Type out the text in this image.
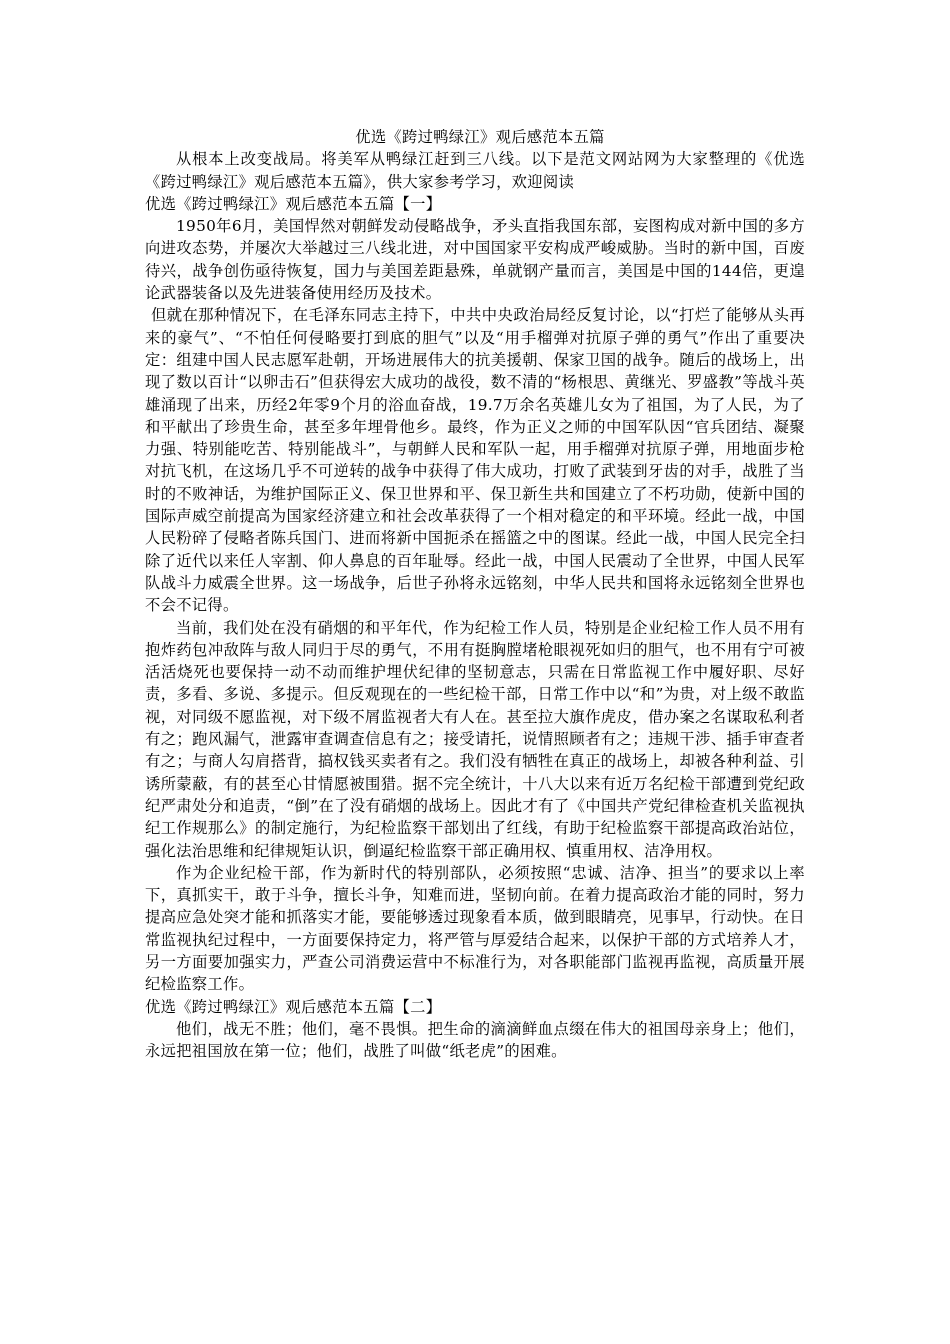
优选《跨过鸭绿江》观后感范本五篇

从根本上改变战局。将美军从鸭绿江赶到三八线。以下是范文网站网为大家整理的《优选《跨过鸭绿江》观后感范本五篇》，供大家参考学习，欢迎阅读

优选《跨过鸭绿江》观后感范本五篇【一】

1950年6月，美国悍然对朝鲜发动侵略战争，矛头直指我国东部，妄图构成对新中国的多方向进攻态势，并屡次大举越过三八线北进，对中国国家平安构成严峻威胁。当时的新中国，百废待兴，战争创伤亟待恢复，国力与美国差距悬殊，单就钢产量而言，美国是中国的144倍，更遑论武器装备以及先进装备使用经历及技术。

但就在那种情况下，在毛泽东同志主持下，中共中央政治局经反复讨论，以“打烂了能够从头再来的豪气”、“不怕任何侵略要打到底的胆气”以及“用手榴弹对抗原子弹的勇气”作出了重要决定：组建中国人民志愿军赴朝，开场进展伟大的抗美援朝、保家卫国的战争。随后的战场上，出现了数以百计“以卵击石”但获得宏大成功的战役，数不清的“杨根思、黄继光、罗盛教”等战斗英雄涌现了出来，历经2年零9个月的浴血奋战，19.7万余名英雄儿女为了祖国，为了人民，为了和平献出了珍贵生命，甚至多年埋骨他乡。最终，作为正义之师的中国军队因“官兵团结、凝聚力强、特别能吃苦、特别能战斗”，与朝鲜人民和军队一起，用手榴弹对抗原子弹，用地面步枪对抗飞机，在这场几乎不可逆转的战争中获得了伟大成功，打败了武装到牙齿的对手，战胜了当时的不败神话，为维护国际正义、保卫世界和平、保卫新生共和国建立了不朽功勋，使新中国的国际声威空前提高为国家经济建立和社会改革获得了一个相对稳定的和平环境。经此一战，中国人民粉碎了侵略者陈兵国门、进而将新中国扼杀在摇篮之中的图谋。经此一战，中国人民完全扫除了近代以来任人宰割、仰人鼻息的百年耻辱。经此一战，中国人民震动了全世界，中国人民军队战斗力威震全世界。这一场战争，后世子孙将永远铭刻，中华人民共和国将永远铭刻全世界也不会不记得。

当前，我们处在没有硝烟的和平年代，作为纪检工作人员，特别是企业纪检工作人员不用有抱炸药包冲敌阵与敌人同归于尽的勇气，不用有挺胸膛堵枪眼视死如归的胆气，也不用有宁可被活活烧死也要保持一动不动而维护埋伏纪律的坚韧意志，只需在日常监视工作中履好职、尽好责，多看、多说、多提示。但反观现在的一些纪检干部，日常工作中以“和”为贵，对上级不敢监视，对同级不愿监视，对下级不屑监视者大有人在。甚至拉大旗作虎皮，借办案之名谋取私利者有之；跑风漏气，泄露审查调查信息有之；接受请托，说情照顾者有之；违规干涉、插手审查者有之；与商人勾肩搭背，搞权钱买卖者有之。我们没有牺牲在真正的战场上，却被各种利益、引诱所蒙蔽，有的甚至心甘情愿被围猎。据不完全统计，十八大以来有近万名纪检干部遭到党纪政纪严肃处分和追责，“倒”在了没有硝烟的战场上。因此才有了《中国共产党纪律检查机关监视执纪工作规那么》的制定施行，为纪检监察干部划出了红线，有助于纪检监察干部提高政治站位，强化法治思维和纪律规矩认识，倒逼纪检监察干部正确用权、慎重用权、洁净用权。

作为企业纪检干部，作为新时代的特别部队，必须按照“忠诚、洁净、担当”的要求以上率下，真抓实干，敢于斗争，擅长斗争，知难而进，坚韧向前。在着力提高政治才能的同时，努力提高应急处突才能和抓落实才能，要能够透过现象看本质，做到眼睛亮，见事早，行动快。在日常监视执纪过程中，一方面要保持定力，将严管与厚爱结合起来，以保护干部的方式培养人才，另一方面要加强实力，严查公司消费运营中不标准行为，对各职能部门监视再监视，高质量开展纪检监察工作。

优选《跨过鸭绿江》观后感范本五篇【二】

他们，战无不胜；他们，毫不畏惧。把生命的滴滴鲜血点缀在伟大的祖国母亲身上；他们，永远把祖国放在第一位；他们，战胜了叫做“纸老虎”的困难。
